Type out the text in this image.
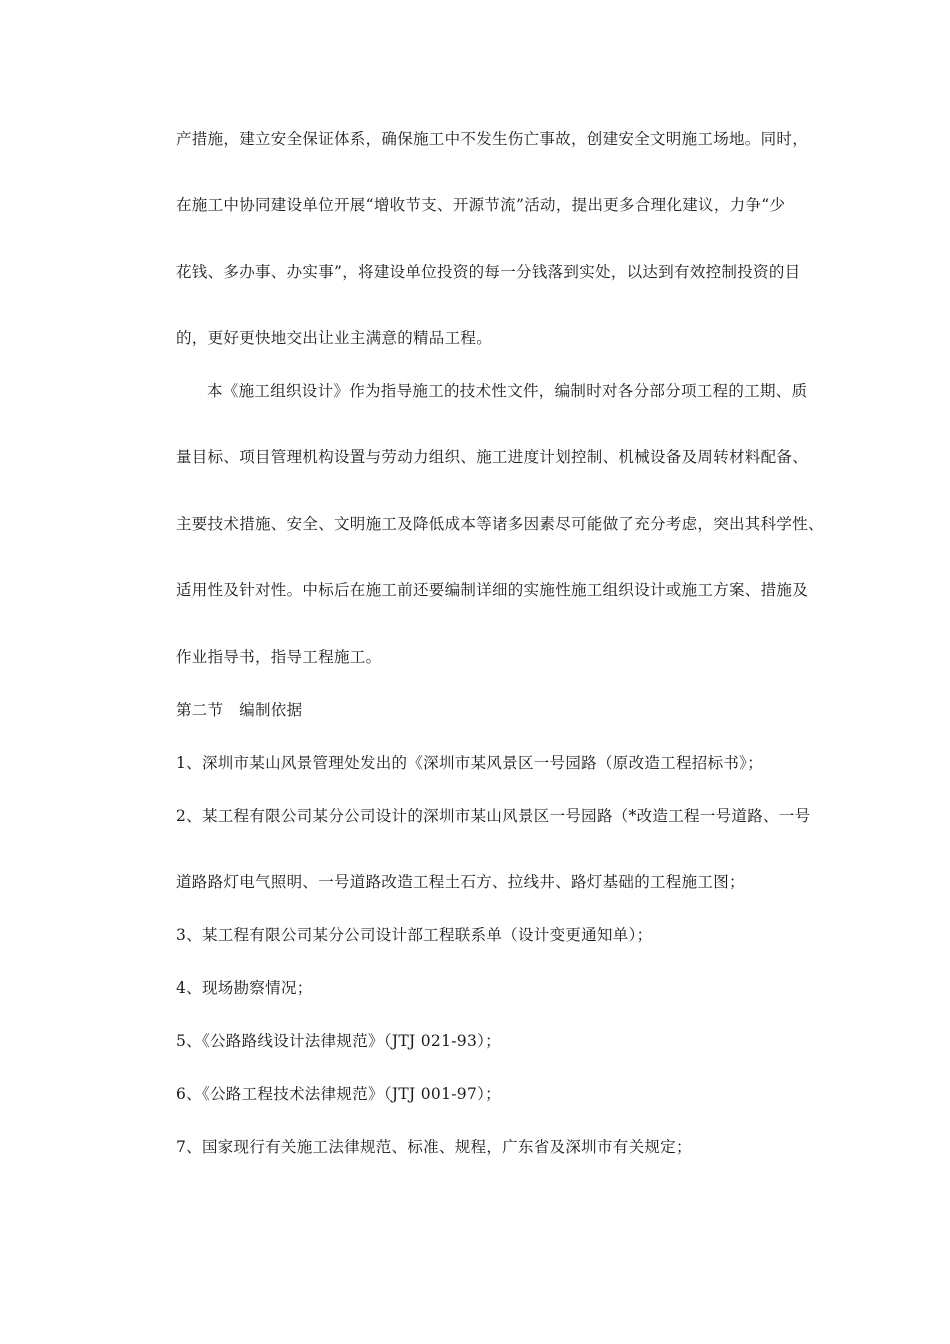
产措施，建立安全保证体系，确保施工中不发生伤亡事故，创建安全文明施工场地。同时，
在施工中协同建设单位开展“增收节支、开源节流”活动，提出更多合理化建议，力争“少
花钱、多办事、办实事”，将建设单位投资的每一分钱落到实处，以达到有效控制投资的目
的，更好更快地交出让业主满意的精品工程。
本《施工组织设计》作为指导施工的技术性文件，编制时对各分部分项工程的工期、质
量目标、项目管理机构设置与劳动力组织、施工进度计划控制、机械设备及周转材料配备、
主要技术措施、安全、文明施工及降低成本等诸多因素尽可能做了充分考虑，突出其科学性、
适用性及针对性。中标后在施工前还要编制详细的实施性施工组织设计或施工方案、措施及
作业指导书，指导工程施工。
第二节　编制依据
1、深圳市某山风景管理处发出的《深圳市某风景区一号园路（原改造工程招标书》；
2、某工程有限公司某分公司设计的深圳市某山风景区一号园路（*改造工程一号道路、一号
道路路灯电气照明、一号道路改造工程土石方、拉线井、路灯基础的工程施工图；
3、某工程有限公司某分公司设计部工程联系单（设计变更通知单）；
4、现场勘察情况；
5、《公路路线设计法律规范》（JTJ 021-93）；
6、《公路工程技术法律规范》（JTJ 001-97）；
7、国家现行有关施工法律规范、标准、规程，广东省及深圳市有关规定；
